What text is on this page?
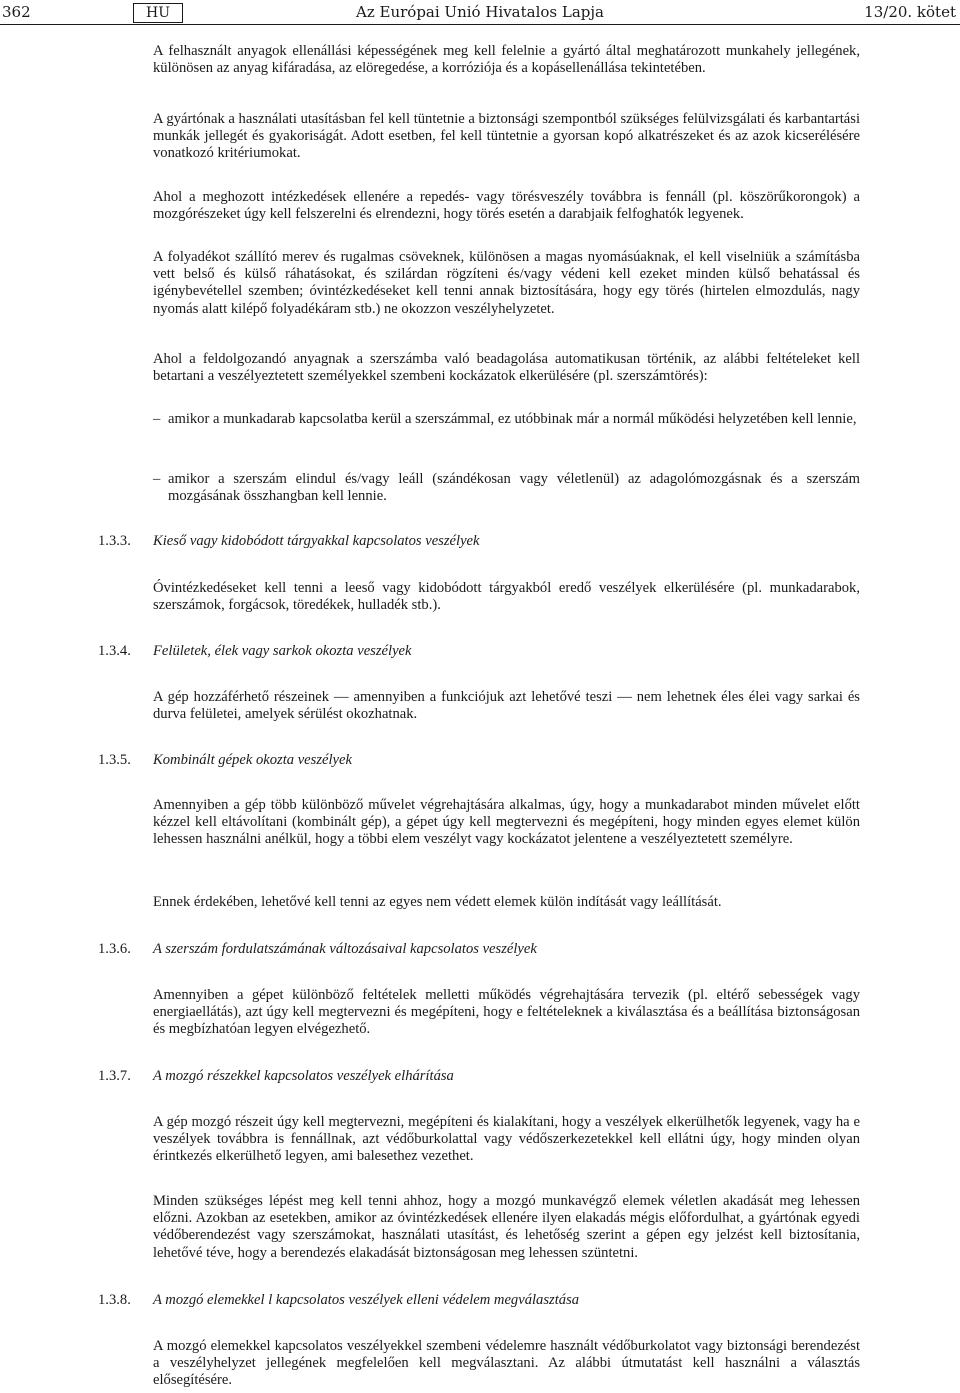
362	Az Európai Unió Hivatalos Lapja
HU	13/20. kötet

A felhasznált anyagok ellenállási képességének meg kell felelnie a gyártó által meghatározott munkahely jellegének, különösen az anyag kifáradása, az elöregedése, a korróziója és a kopásellenállása tekintetében.

A gyártónak a használati utasításban fel kell tüntetnie a biztonsági szempontból szükséges felülvizsgálati és karbantartási munkák jellegét és gyakoriságát. Adott esetben, fel kell tüntetnie a gyorsan kopó alkatrészeket és az azok kicserélésére vonatkozó kritériumokat.

Ahol a meghozott intézkedések ellenére a repedés- vagy törésveszély továbbra is fennáll (pl. köszörűkorongok) a mozgórészeket úgy kell felszerelni és elrendezni, hogy törés esetén a darabjaik felfoghatók legyenek.

A folyadékot szállító merev és rugalmas csöveknek, különösen a magas nyomásúaknak, el kell viselniük a számításba vett belső és külső ráhatásokat, és szilárdan rögzíteni és/vagy védeni kell ezeket minden külső behatással és igénybevétellel szemben; óvintézkedéseket kell tenni annak biztosítására, hogy egy törés (hirtelen elmozdulás, nagy nyomás alatt kilépő folyadékáram stb.) ne okozzon veszélyhelyzetet.

Ahol a feldolgozandó anyagnak a szerszámba való beadagolása automatikusan történik, az alábbi feltételeket kell betartani a veszélyeztetett személyekkel szembeni kockázatok elkerülésére (pl. szerszámtörés):

– amikor a munkadarab kapcsolatba kerül a szerszámmal, ez utóbbinak már a normál működési helyzetében kell lennie,
– amikor a szerszám elindul és/vagy leáll (szándékosan vagy véletlenül) az adagolómozgásnak és a szerszám mozgásának összhangban kell lennie.
1.3.3. Kieső vagy kidobódott tárgyakkal kapcsolatos veszélyek

Óvintézkedéseket kell tenni a leeső vagy kidobódott tárgyakból eredő veszélyek elkerülésére (pl. munkadarabok, szerszámok, forgácsok, töredékek, hulladék stb.).

1.3.4. Felületek, élek vagy sarkok okozta veszélyek

A gép hozzáférhető részeinek — amennyiben a funkciójuk azt lehetővé teszi — nem lehetnek éles élei vagy sarkai és durva felületei, amelyek sérülést okozhatnak.

1.3.5. Kombinált gépek okozta veszélyek

Amennyiben a gép több különböző művelet végrehajtására alkalmas, úgy, hogy a munkadarabot minden művelet előtt kézzel kell eltávolítani (kombinált gép), a gépet úgy kell megtervezni és megépíteni, hogy minden egyes elemet külön lehessen használni anélkül, hogy a többi elem veszélyt vagy kockázatot jelentene a veszélyeztetett személyre.

Ennek érdekében, lehetővé kell tenni az egyes nem védett elemek külön indítását vagy leállítását.

1.3.6. A szerszám fordulatszámának változásaival kapcsolatos veszélyek

Amennyiben a gépet különböző feltételek melletti működés végrehajtására tervezik (pl. eltérő sebességek vagy energiaellátás), azt úgy kell megtervezni és megépíteni, hogy e feltételeknek a kiválasztása és a beállítása biztonságosan és megbízhatóan legyen elvégezhető.

1.3.7. A mozgó részekkel kapcsolatos veszélyek elhárítása

A gép mozgó részeit úgy kell megtervezni, megépíteni és kialakítani, hogy a veszélyek elkerülhetők legyenek, vagy ha e veszélyek továbbra is fennállnak, azt védőburkolattal vagy védőszerkezetekkel kell ellátni úgy, hogy minden olyan érintkezés elkerülhető legyen, ami balesethez vezethet.

Minden szükséges lépést meg kell tenni ahhoz, hogy a mozgó munkavégző elemek véletlen akadását meg lehessen előzni. Azokban az esetekben, amikor az óvintézkedések ellenére ilyen elakadás mégis előfordulhat, a gyártónak egyedi védőberendezést vagy szerszámokat, használati utasítást, és lehetőség szerint a gépen egy jelzést kell biztosítania, lehetővé téve, hogy a berendezés elakadását biztonságosan meg lehessen szüntetni.

1.3.8. A mozgó elemekkel l kapcsolatos veszélyek elleni védelem megválasztása

A mozgó elemekkel kapcsolatos veszélyekkel szembeni védelemre használt védőburkolatot vagy biztonsági berendezést a veszélyhelyzet jellegének megfelelően kell megválasztani. Az alábbi útmutatást kell használni a választás elősegítésére.
